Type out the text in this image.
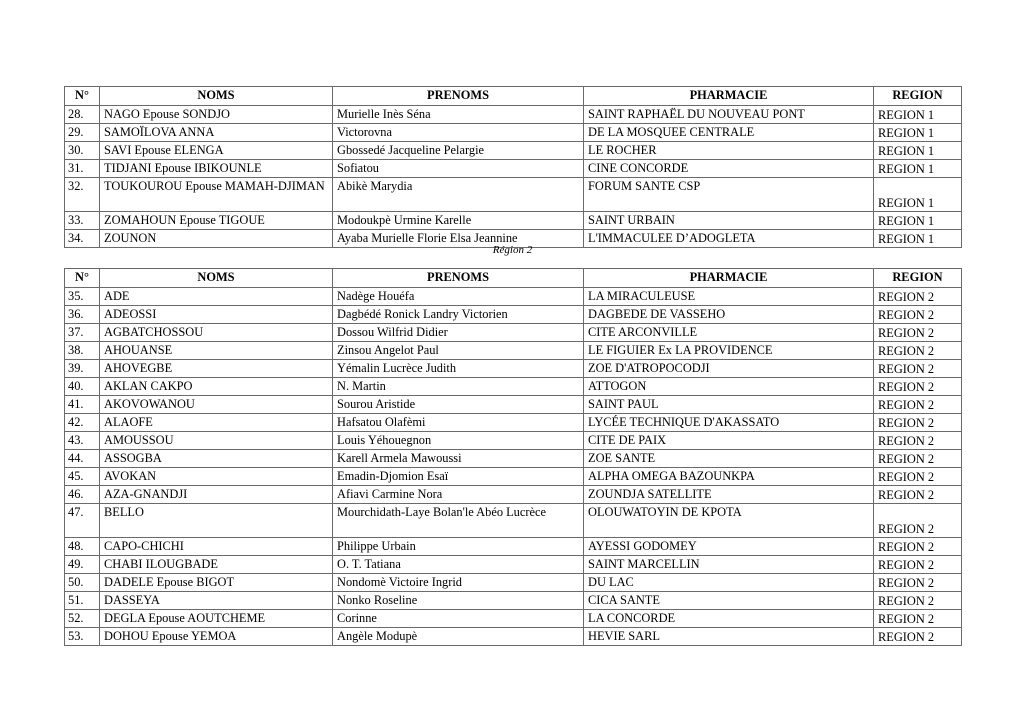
N°	NOMS	PRENOMS	PHARMACIE	REGION
28.	NAGO Epouse SONDJO	Murielle Inès Séna	SAINT RAPHAËL DU NOUVEAU PONT	REGION 1
29.	SAMOÏLOVA ANNA	Victorovna	DE LA MOSQUEE CENTRALE	REGION 1
30.	SAVI Epouse ELENGA	Gbossedé Jacqueline Pelargie	LE ROCHER	REGION 1
31.	TIDJANI Epouse IBIKOUNLE	Sofiatou	CINE CONCORDE	REGION 1
32.	TOUKOUROU Epouse MAMAH-DJIMAN	Abikè Marydia	FORUM SANTE CSP	REGION 1
33.	ZOMAHOUN Epouse TIGOUE	Modoukpè Urmine Karelle	SAINT URBAIN	REGION 1
34.	ZOUNON	Ayaba Murielle Florie Elsa Jeannine	L'IMMACULEE D’ADOGLETA	REGION 1
Région 2
N°	NOMS	PRENOMS	PHARMACIE	REGION
35.	ADE	Nadège Houéfa	LA MIRACULEUSE	REGION 2
36.	ADEOSSI	Dagbédé Ronick Landry Victorien	DAGBEDE DE VASSEHO	REGION 2
37.	AGBATCHOSSOU	Dossou Wilfrid Didier	CITE ARCONVILLE	REGION 2
38.	AHOUANSE	Zinsou Angelot Paul	LE FIGUIER Ex LA PROVIDENCE	REGION 2
39.	AHOVEGBE	Yémalin Lucrèce Judith	ZOE D'ATROPOCODJI	REGION 2
40.	AKLAN CAKPO	N. Martin	ATTOGON	REGION 2
41.	AKOVOWANOU	Sourou Aristide	SAINT PAUL	REGION 2
42.	ALAOFE	Hafsatou Olafèmi	LYCÉE TECHNIQUE D'AKASSATO	REGION 2
43.	AMOUSSOU	Louis Yéhouegnon	CITE DE PAIX	REGION 2
44.	ASSOGBA	Karell Armela Mawoussi	ZOE SANTE	REGION 2
45.	AVOKAN	Emadin-Djomion Esaï	ALPHA OMEGA BAZOUNKPA	REGION 2
46.	AZA-GNANDJI	Afiavi Carmine Nora	ZOUNDJA SATELLITE	REGION 2
47.	BELLO	Mourchidath-Laye Bolan'le Abéo Lucrèce	OLOUWATOYIN DE KPOTA	REGION 2
48.	CAPO-CHICHI	Philippe Urbain	AYESSI GODOMEY	REGION 2
49.	CHABI ILOUGBADE	O. T. Tatiana	SAINT MARCELLIN	REGION 2
50.	DADELE Epouse BIGOT	Nondomè Victoire Ingrid	DU LAC	REGION 2
51.	DASSEYA	Nonko Roseline	CICA SANTE	REGION 2
52.	DEGLA Epouse AOUTCHEME	Corinne	LA CONCORDE	REGION 2
53.	DOHOU Epouse YEMOA	Angèle Modupè	HEVIE SARL	REGION 2
